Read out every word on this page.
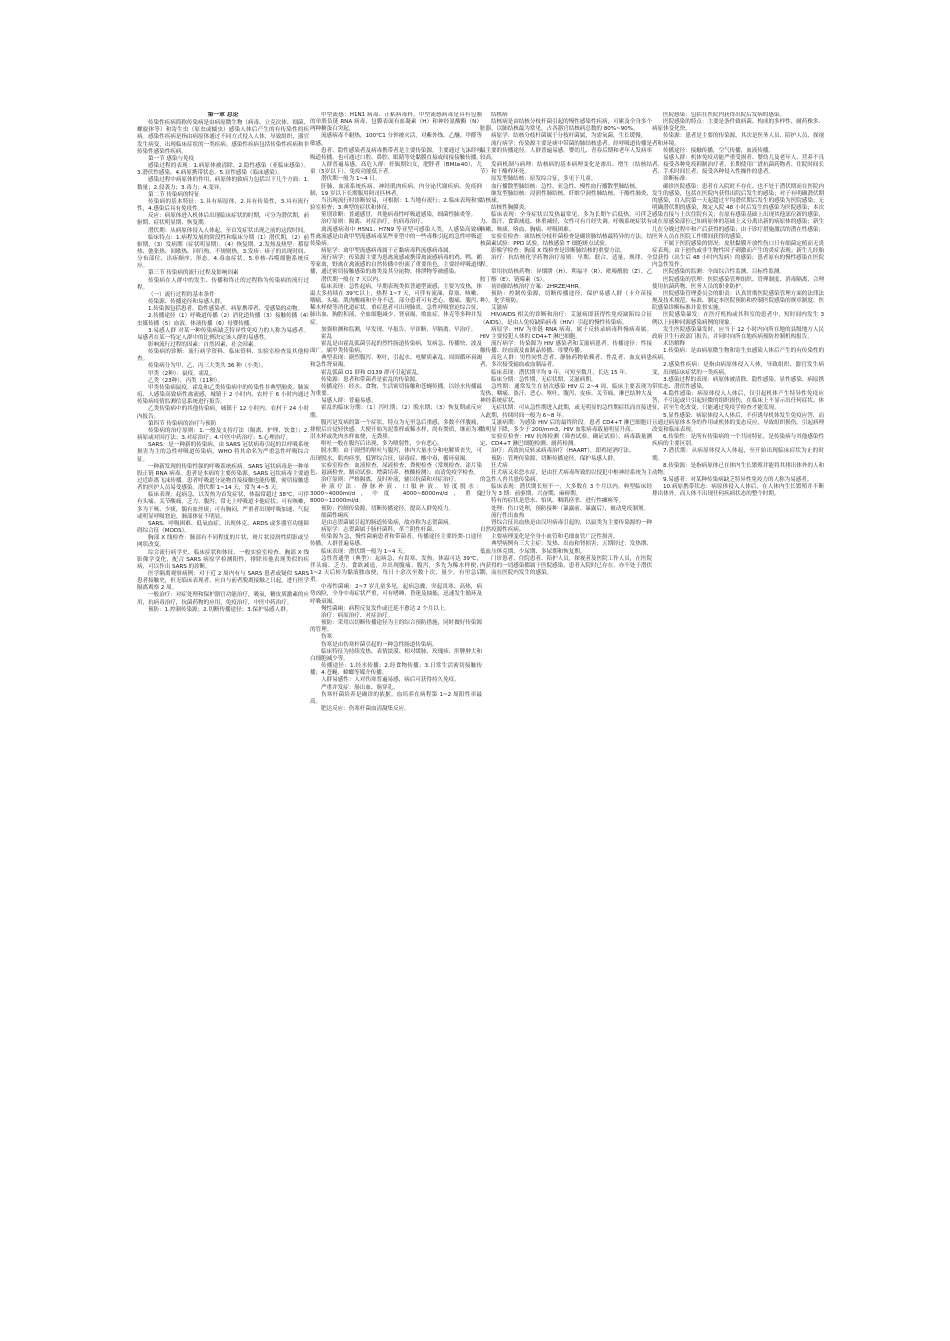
第一章 总论

传染性疾病简称传染病是由病原微生物（病毒、立克次体、细菌、螺旋体等）和寄生虫（原虫或蠕虫）感染人体后产生的有传染性的疾病。感染性疾病是指由病原体通过不同方式侵入人体，导致组织、器官发生病变，出现临床症状的一类疾病。感染性疾病包括传染性疾病和非传染性感染性疾病。

第一节 感染与免疫

感染过程的表现：1.病原体被清除。2.隐性感染（亚临床感染）。3.潜伏性感染。4.病原携带状态。5.显性感染（临床感染）。

感染过程中病原体的作用，病原体的致病力包括以下几个方面：1.数量；2.侵袭力；3.毒力；4.变异。

第二节 传染病的特征

传染病的基本特征：1.具有病原体，2.具有传染性，3.具有流行性，4.感染后具有免疫性。

反应：病原体进入机体后出现临床症状的时期，可分为潜伏期、前驱期、症状明显期、恢复期。

潜伏期：从病原体侵入人体起，至首发症状出现之前的这段时间。

临床特点：1.病程发展的阶段性和临床分期（1）潜伏期，（2）前驱期，（3）发病期（症状明显期），（4）恢复期。2.发热及热型：稽留热、弛张热、间歇热、回归热、不规则热。3.发疹：疹子的出现时间、分布部位、出疹顺序、形态。4.毒血症状。5.单核-吞噬细胞系统反应。

第三节 传染病的流行过程及影响因素

传染病在人群中的发生、传播和终止的过程称为传染病的流行过程。

（一）流行过程的基本条件

传染源、传播途径和易感人群。

1.传染源包括患者、隐性感染者、病原携带者、受感染的动物。

2.传播途径（1）呼吸道传播（2）消化道传播（3）接触传播（4）虫媒传播（5）血液、体液传播（6）母婴传播。

3.易感人群 对某一种传染病缺乏特异性免疫力的人称为易感者。易感者在某一特定人群中的比例决定该人群的易感性。

影响流行过程的因素：自然因素、社会因素。

传染病的诊断：流行病学资料、临床资料、实验室检查及其他检查。

传染病分为甲、乙、丙三大类共 36 种（小类）。

甲类（2种）：鼠疫、霍乱。

乙类（23种），丙类（11种）。

甲类传染病鼠疫、霍乱和乙类传染病中的传染性非典型肺炎、肺炭疽、人感染高致病性禽流感，城镇于 2 小时内、农村于 6 小时内通过传染病疫情监测信息系统进行报告。

乙类传染病中的其他传染病，城镇于 12 小时内、农村于 24 小时内报告。

第四节 传染病的治疗与预防

传染病的治疗原则：1.一般及支持疗法（隔离、护理、饮食）；2.病原或对因疗法；3.对症治疗；4.中医中药治疗；5.心理治疗。

SARS：是一种新的传染病，由 SARS 冠状病毒引起的以呼吸系统损害为主的急性呼吸道传染病，WHO 将其命名为严重急性呼吸综合征。

一种新发现的传染性强的呼吸系统疾病。SARS 冠状病毒是一种单股正链 RNA 病毒。患者是本病的主要传染源。SARS 冠状病毒主要通过近距离飞沫传播。患者呼吸道分泌物直接接触也能传播，密切接触患者的医护人员易受感染。潜伏期 1~14 天，常为 4~5 天。

临床表现：起病急，以发热为首发症状，体温常超过 38℃，可伴有头痛、关节酸痛、乏力、腹泻；常无上呼吸道卡他症状；可有咳嗽，多为干咳、少痰，偶有血丝痰；可有胸闷，严重者出现呼吸加速、气促或明显呼吸窘迫。肺部体征不明显。

SARS、呼吸困难、低氧血症、出现休克、ARDS 或多器官功能障碍综合征（MODS）。

胸部 X 线检查：肺部有不同程度的片状、斑片状浸润性阴影或呈网状改变。

综合流行病学史、临床症状和体征、一般实验室检查、胸部 X 线影像学变化，配合 SARS 病原学检测阳性，排除其他表现类似的疾病，可以作出 SARS 的诊断。

医学隔离观察病例：对于近 2 周内有与 SARS 患者或疑似 SARS 患者接触史，但无临床表现者，应自与前者脱离接触之日起，进行医学隔离观察 2 周。

一般治疗：对症处理和保护器官功能治疗，吸氧，糖皮质激素的应用，抗病毒治疗，抗菌药物的应用，免疫治疗，中医中药治疗。

预防：1.控制传染源；2.切断传播途径；3.保护易感人群。

甲型流感：H1N1 病毒、正粘病毒科，甲型流感病毒是具有包膜的单股负链 RNA 病毒，包膜表面有血凝素（H）和神经氨酸酶（N）两种糖蛋白突起。

流感病毒不耐热，100℃1 分钟被灭活，对紫外线、乙醚、甲醛等敏感。

患者、隐性感染者及病毒携带者是主要传染源。主要通过飞沫经呼吸道传播，也可通过口腔、鼻腔、眼睛等处黏膜直接或间接接触传播。

人群普遍易感。高危人群：妊娠期妇女，肥胖者（BMI≥40），儿童（5岁以下），免疫功能低下者。

潜伏期一般为 1~4 日。

肝肺、血液系统疾病、神经肌肉疾病、内分泌代谢疾病、免疫抑制、19 岁以下长期服用阿司匹林者。

当出现流行时诊断较易，可根据：1.当地有流行；2.临床表现和实验室检查；3.典型的症状和体征。

鉴别诊断：普通感冒，其他病毒性呼吸道感染，细菌性肺炎等。

治疗原则：隔离、对症治疗，抗病毒治疗。

禽流感病毒中 H5N1、H7N9 等亚型可感染人类，人感染高致病性禽流感是由禽甲型流感病毒某些亚型中的一些毒株引起的急性呼吸道传染病。

病原学：禽甲型流感病毒属于正黏病毒科流感病毒属。

流行病学：传染源主要为患禽流感或携带禽流感病毒的鸡、鸭、鹅等家禽，野禽在禽流感的自然传播中扮演了重要角色。主要经呼吸道传播，通过密切接触感染的禽类及其分泌物、排泄物等被感染。

潜伏期一般在 7 天以内。

临床表现：急性起病，早期表现类似普通型流感，主要为发热，体温大多持续在 39℃以上，热程 1~7 天，可伴有流涕、鼻塞、咳嗽、咽痛、头痛、肌肉酸痛和全身不适。部分患者可有恶心、腹痛、腹泻、稀水样便等消化道症状。重症患者可出现肺炎、急性呼吸窘迫综合征、肺出血、胸腔积液、全血细胞减少、肾衰竭、败血症、休克等多种并发症。

加强检测和监测，早发现、早报告、早诊断、早隔离、早治疗。

霍乱

霍乱是由霍乱弧菌引起的烈性肠道传染病，发病急、传播快、波及面广，属甲类传染病。

典型表现：剧烈腹泻、呕吐，引起水、电解质紊乱、周围循环衰竭和急性肾衰竭。

霍乱弧菌 O1 群和 O139 群可引起霍乱。

传染源：患者和带菌者是霍乱的传染源。

传播途径：经水、食物、生活密切接触和苍蝇传播，以经水传播最为重要。

易感人群：普遍易感。

霍乱的临床分期：（1）泻吐期；（2）脱水期；（3）恢复期或反应期。

腹泻是发病的第一个症状，特点为无里急后重感，多数不伴腹痛，排便后自觉轻快感。大便开始为泥浆样或稀水样，尚有粪质，继而为米泔水样或洗肉水样血便，无粪质。

呕吐一般在腹泻后出现，多为喷射性，少有恶心。

脱水期：由于剧烈的呕吐与腹泻，体内大量水分和电解质丧失，可出现脱水，肌肉痉挛，低钾综合征，尿毒症、酸中毒，循环衰竭。

实验室检查：血液检查、尿液检查、粪便检查（常规检查、涂片染色、悬滴检查、制动试验、增菌培养、核酸检测）、血清免疫学检查。

治疗原则：严格隔离，及时补液，辅以抗菌和对症治疗。

补液疗法：静脉补液、口服补液。轻度脱水：3000~4000ml/d，中度 4000~8000ml/d，重度 8000~12000ml/d。

预防：控制传染源，切断传播途径，提高人群免疫力。

细菌性痢疾

是由志贺菌属引起的肠道传染病，故亦称为志贺菌病。

病原学：志贺菌属于肠杆菌科，革兰阴性杆菌。

传染源为急、慢性菌痢患者和带菌者。传播途径主要经粪-口途径传播。人群普遍易感。

临床表现：潜伏期一般为 1~4 天。

急性普通型（典型）：起病急，有畏寒、发热，体温可达 39℃，伴头痛、乏力、食欲减退，并出现腹痛、腹泻，多先为稀水样便，1~2 天后转为黏液脓血便，每日十余次至数十次，量少，有里急后重。

中毒性菌痢：2~7 岁儿童多见，起病急骤，突起畏寒、高热，病势凶险，全身中毒症状严重，可有嗜睡、昏迷及抽搐，迅速发生循环及呼吸衰竭。

慢性菌痢：病程反复发作或迁延不愈达 2 个月以上。

治疗：病原治疗、对症治疗。

预防：采用以切断传播途径为主的综合预防措施，同时做好传染源的管理。

伤寒

伤寒是由伤寒杆菌引起的一种急性肠道传染病。

临床特征为持续发热、表情淡漠、相对缓脉、玫瑰疹、肝脾肿大和白细胞减少等。

传播途径：1.经水传播；2.经食物传播；3.日常生活密切接触传播；4.苍蝇、蟑螂等媒介传播。

人群易感性：人对伤寒普遍易感，病后可获得持久免疫。

严重并发症：肠出血、肠穿孔。

伤寒杆菌培养是确诊的依据。血培养在病程第 1~2 周阳性率最高。

肥达反应：伤寒杆菌血清凝集反应。

结核病

结核病是由结核分枝杆菌引起的慢性感染性疾病，可累及全身多个脏器，以肺结核最为常见，占各器官结核病总数的 80%~90%。

病原学：结核分枝杆菌属于分枝杆菌属，为需氧菌，生长缓慢。

流行病学：传染源主要是痰中带菌的肺结核患者。经呼吸道传播是最主要的传播途径。人群普遍易感。婴幼儿、青春后期和老年人发病率较高。

发病机制与病理：结核病的基本病理变化是渗出、增生（结核结节）和干酪样坏死。

原发型肺结核：原发综合征，多见于儿童。

血行播散型肺结核：急性、亚急性、慢性血行播散型肺结核。

继发型肺结核：浸润性肺结核、纤维空洞性肺结核、干酪性肺炎、结核球。

结核性胸膜炎。

临床表现：全身症状以发热最常见，多为长期午后低热，可伴乏力、盗汗、食欲减退、体重减轻，女性可有月经失调。呼吸系统症状有咳嗽、咳痰、咯血、胸痛、呼吸困难。

实验室检查：痰结核分枝杆菌检查是确诊肺结核最特异的方法。结核菌素试验：PPD 试验，结核感染 T 细胞斑点试验。

影像学检查：胸部 X 线检查是诊断肺结核的重要方法。

治疗：抗结核化学药物治疗原则：早期、联合、适量、规律、全程。

常用抗结核药物：异烟肼（H）、利福平（R）、吡嗪酰胺（Z）、乙胺丁醇（E）、链霉素（S）。

初治肺结核治疗方案：2HRZE/4HR。

预防：控制传染源，切断传播途径，保护易感人群（卡介苗接种），化学预防。

艾滋病

HIV/AIDS 相关的诊断和治疗：艾滋病即获得性免疫缺陷综合征（AIDS），是由人免疫缺陷病毒（HIV）引起的慢性传染病。

病原学：HIV 为单链 RNA 病毒，属于反转录病毒科慢病毒属。HIV 主要侵犯人体的 CD4+T 淋巴细胞。

流行病学：传染源为 HIV 感染者和艾滋病患者。传播途径：性接触传播、经血液及血制品传播、母婴传播。

高危人群：男性同性恋者、静脉药物依赖者、性乱者、血友病患者、多次接受输血或血制品者。

临床表现：潜伏期平均 9 年，可短至数月，长达 15 年。

临床分期：急性期、无症状期、艾滋病期。

急性期：通常发生在初次感染 HIV 后 2~4 周，临床主要表现为发热、咽痛、盗汗、恶心、呕吐、腹泻、皮疹、关节痛、淋巴结肿大及神经系统症状。

无症状期：可从急性期进入此期，或无明显的急性期症状而直接进入此期，持续时间一般为 6~8 年。

艾滋病期：为感染 HIV 后的最终阶段。患者 CD4+T 淋巴细胞计数明显下降，多少于 200/mm3，HIV 血浆病毒载量明显升高。

实验室检查：HIV 抗体检测（筛查试验、确证试验）、病毒载量测定、CD4+T 淋巴细胞检测、耐药检测。

治疗：高效抗反转录病毒治疗（HAART），即鸡尾酒疗法。

预防：管理传染源，切断传播途径，保护易感人群。

狂犬病

狂犬病又名恐水症，是由狂犬病毒所致的以侵犯中枢神经系统为主的急性人兽共患传染病。

临床表现：潜伏期长短不一，大多数在 3 个月以内。典型临床经过分为 3 期：前驱期、兴奋期、麻痹期。

特有的症状是恐水、怕风、咽肌痉挛、进行性瘫痪等。

处理：伤口处理，预防接种（暴露前、暴露后），被动免疫制剂。

流行性出血热

肾综合征出血热是由汉坦病毒引起的，以鼠类为主要传染源的一种自然疫源性疾病。

主要病理变化是全身小血管和毛细血管广泛性损害。

典型病例有三大主症：发热、出血和肾损害；五期经过：发热期、低血压休克期、少尿期、多尿期和恢复期。

门诊患者、住院患者、陪护人员，探视者及医院工作人员，在医院内获得的一切感染都属于医院感染，患者入院时已存在、亦不处于潜伏期，而在医院内发生的感染。

医院感染：包括在医院内获得出院后发病的感染。

医院感染的特点：主要是条件致病菌、构成的多样性、耐药株多、病原体变化快。

传染源：患者是主要的传染源，其次是医务人员、陪护人员、探视者和环境。

传播途径：接触传播，空气传播，血液传播。

易感人群：机体免疫功能严重受损者、婴幼儿及老年人、营养不良者、接受各种免疫抑制治疗者、长期使用广谱抗菌药物者、住院时间长者、手术时间长者、接受各种侵入性操作的患者。

诊断标准：

确诊医院感染：患者在入院时不存在、也不处于潜伏期而在医院内发生的感染，包括在医院内获得出院后发生的感染；对于有明确潜伏期的感染，自入院第一天起超过平均潜伏期后发生的感染为医院感染；无明确潜伏期的感染，规定入院 48 小时后发生的感染为医院感染；本次感染直接与上次住院有关；在原有感染基础上出现其他部位新的感染，或在原感染部位已知病原体的基础上又分离出新的病原体的感染；新生儿在分娩过程中和产后获得的感染；由于诊疗措施激活的潜在性感染；医务人员在医院工作期间获得的感染。

不属于医院感染的情况：皮肤黏膜开放性伤口只有细菌定植而无炎症表现；由于创伤或非生物性因子刺激而产生的炎症表现；新生儿经胎盘获得（出生后 48 小时内发病）的感染；患者原有的慢性感染在医院内急性发作。

医院感染的监测：全面综合性监测、目标性监测。

医院感染的管理：医院感染管理组织、管理制度、消毒隔离、合理使用抗菌药物、医务人员的职业防护。

医院感染管理委员会的职责：认真贯彻医院感染管理方面的法律法规及技术规范、标准，制定本医院预防和控制医院感染的规章制度、医院感染诊断标准并监督实施。

医院感染暴发：在医疗机构或其科室的患者中，短时间内发生 3 例以上同种同源感染病例的现象。

发生医院感染暴发时，应当于 12 小时内向所在地的县级地方人民政府卫生行政部门报告，并同时向所在地疾病预防控制机构报告。

术语解释

1.传染病：是由病原微生物和寄生虫感染人体后产生的有传染性的疾病。

2.感染性疾病：是指由病原体侵入人体，导致组织、器官发生病变，出现临床症状的一类疾病。

3.感染过程的表现：病原体被清除、隐性感染、显性感染、病原携带状态、潜伏性感染。

4.隐性感染：病原体侵入人体后，仅引起机体产生特异性免疫应答，不引起或只引起轻微的组织损伤，在临床上不显示出任何症状、体征，甚至生化改变，只能通过免疫学检查才能发现。

5.显性感染：病原体侵入人体后，不但诱导机体发生免疫应答，而且通过病原体本身的作用或机体的变态反应，导致组织损伤，引起病理改变和临床表现。

6.传染性：是所有传染病的一个共同特征，是传染病与其他感染性疾病的主要区别。

7.潜伏期：从病原体侵入人体起，至开始出现临床症状为止的时期。

8.传染源：是指病原体已在体内生长繁殖并能将其排出体外的人和动物。

9.易感者：对某种传染病缺乏特异性免疫力的人称为易感者。

10.病原携带状态：病原体侵入人体后，在人体内生长繁殖并不断排出体外，而人体不出现任何疾病状态的整个时期。
